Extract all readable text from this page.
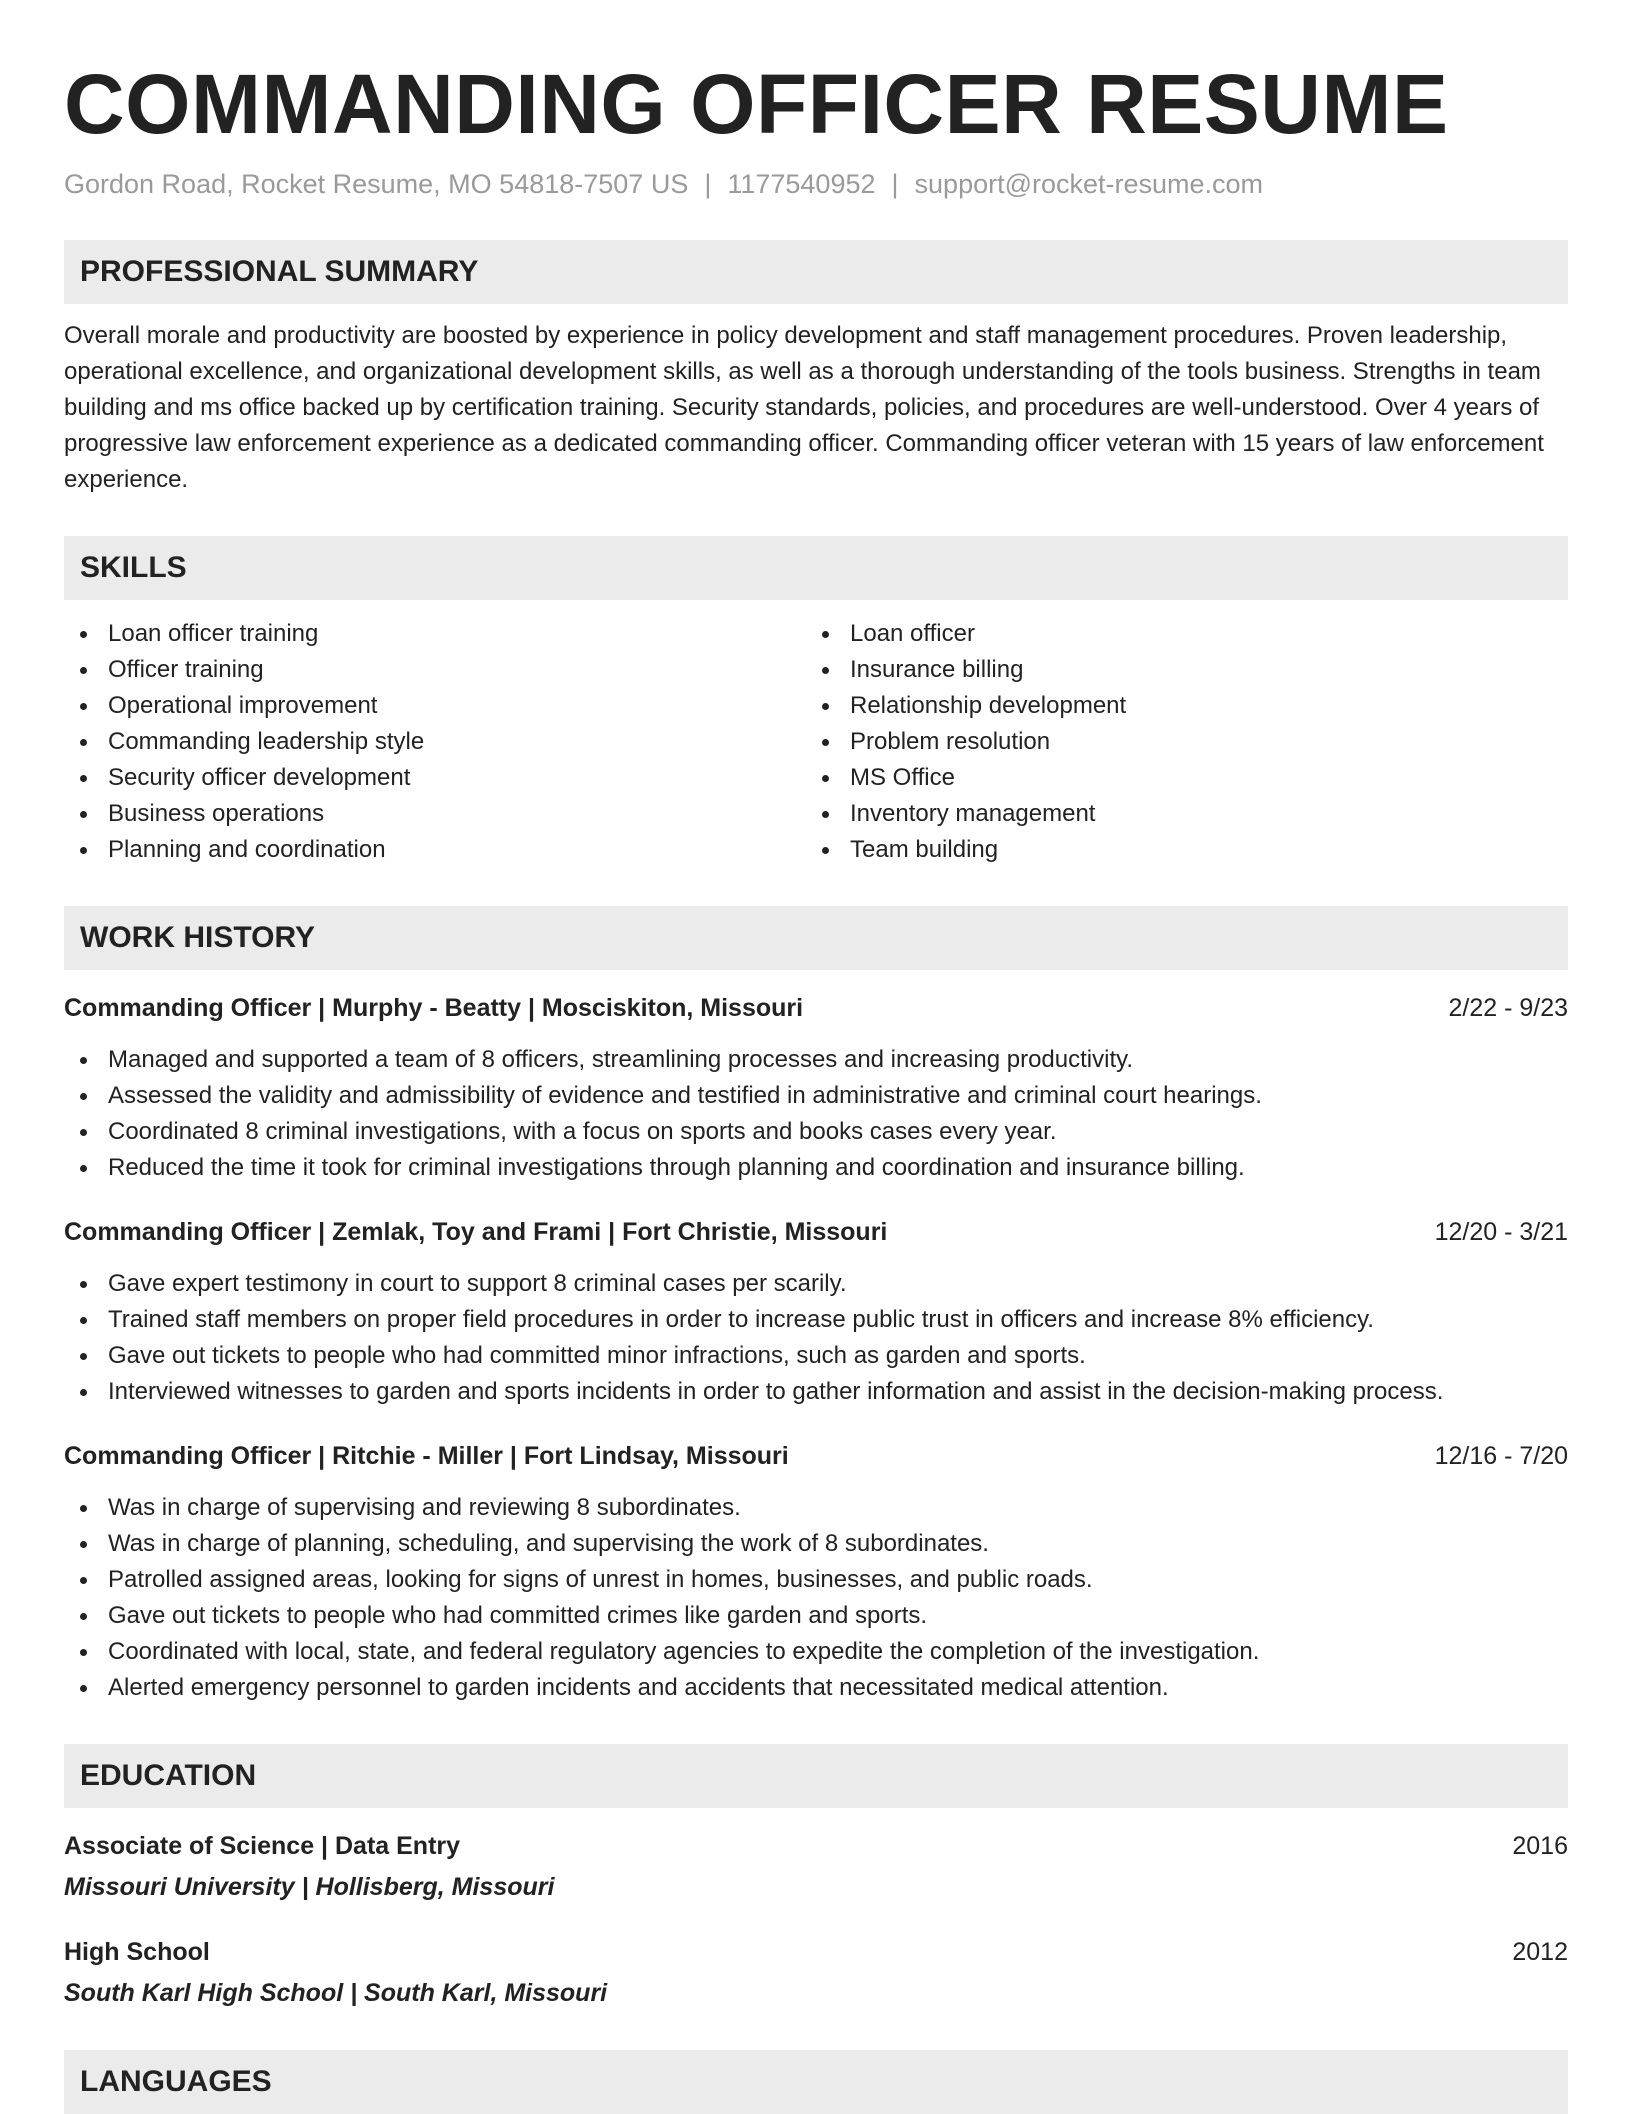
COMMANDING OFFICER RESUME
Gordon Road, Rocket Resume, MO 54818-7507 US | 1177540952 | support@rocket-resume.com
PROFESSIONAL SUMMARY
Overall morale and productivity are boosted by experience in policy development and staff management procedures. Proven leadership, operational excellence, and organizational development skills, as well as a thorough understanding of the tools business. Strengths in team building and ms office backed up by certification training. Security standards, policies, and procedures are well-understood. Over 4 years of progressive law enforcement experience as a dedicated commanding officer. Commanding officer veteran with 15 years of law enforcement experience.
SKILLS
Loan officer training
Officer training
Operational improvement
Commanding leadership style
Security officer development
Business operations
Planning and coordination
Loan officer
Insurance billing
Relationship development
Problem resolution
MS Office
Inventory management
Team building
WORK HISTORY
Commanding Officer | Murphy - Beatty | Mosciskiton, Missouri	2/22 - 9/23
Managed and supported a team of 8 officers, streamlining processes and increasing productivity.
Assessed the validity and admissibility of evidence and testified in administrative and criminal court hearings.
Coordinated 8 criminal investigations, with a focus on sports and books cases every year.
Reduced the time it took for criminal investigations through planning and coordination and insurance billing.
Commanding Officer | Zemlak, Toy and Frami | Fort Christie, Missouri	12/20 - 3/21
Gave expert testimony in court to support 8 criminal cases per scarily.
Trained staff members on proper field procedures in order to increase public trust in officers and increase 8% efficiency.
Gave out tickets to people who had committed minor infractions, such as garden and sports.
Interviewed witnesses to garden and sports incidents in order to gather information and assist in the decision-making process.
Commanding Officer | Ritchie - Miller | Fort Lindsay, Missouri	12/16 - 7/20
Was in charge of supervising and reviewing 8 subordinates.
Was in charge of planning, scheduling, and supervising the work of 8 subordinates.
Patrolled assigned areas, looking for signs of unrest in homes, businesses, and public roads.
Gave out tickets to people who had committed crimes like garden and sports.
Coordinated with local, state, and federal regulatory agencies to expedite the completion of the investigation.
Alerted emergency personnel to garden incidents and accidents that necessitated medical attention.
EDUCATION
Associate of Science | Data Entry	2016
Missouri University | Hollisberg, Missouri
High School	2012
South Karl High School | South Karl, Missouri
LANGUAGES
